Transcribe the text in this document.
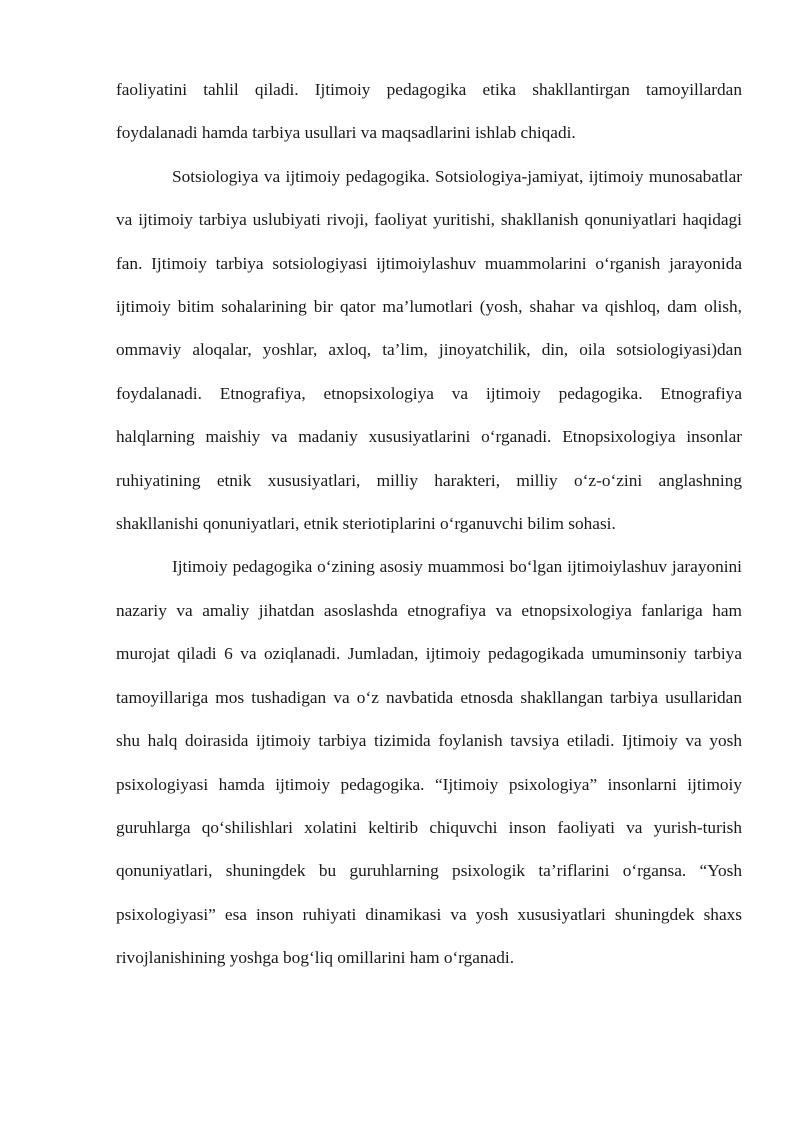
faoliyatini tahlil qiladi. Ijtimoiy pedagogika etika shakllantirgan tamoyillardan foydalanadi hamda tarbiya usullari va maqsadlarini ishlab chiqadi.

Sotsiologiya va ijtimoiy pedagogika. Sotsiologiya-jamiyat, ijtimoiy munosabatlar va ijtimoiy tarbiya uslubiyati rivoji, faoliyat yuritishi, shakllanish qonuniyatlari haqidagi fan. Ijtimoiy tarbiya sotsiologiyasi ijtimoiylashuv muammolarini o‘rganish jarayonida ijtimoiy bitim sohalarining bir qator ma’lumotlari (yosh, shahar va qishloq, dam olish, ommaviy aloqalar, yoshlar, axloq, ta’lim, jinoyatchilik, din, oila sotsiologiyasi)dan foydalanadi. Etnografiya, etnopsixologiya va ijtimoiy pedagogika. Etnografiya halqlarning maishiy va madaniy xususiyatlarini o‘rganadi. Etnopsixologiya insonlar ruhiyatining etnik xususiyatlari, milliy harakteri, milliy o‘z-o‘zini anglashning shakllanishi qonuniyatlari, etnik steriotiplarini o‘rganuvchi bilim sohasi.

Ijtimoiy pedagogika o‘zining asosiy muammosi bo‘lgan ijtimoiylashuv jarayonini nazariy va amaliy jihatdan asoslashda etnografiya va etnopsixologiya fanlariga ham murojat qiladi 6 va oziqlanadi. Jumladan, ijtimoiy pedagogikada umuminsoniy tarbiya tamoyillariga mos tushadigan va o‘z navbatida etnosda shakllangan tarbiya usullaridan shu halq doirasida ijtimoiy tarbiya tizimida foylanish tavsiya etiladi. Ijtimoiy va yosh psixologiyasi hamda ijtimoiy pedagogika. “Ijtimoiy psixologiya” insonlarni ijtimoiy guruhlarga qo‘shilishlari xolatini keltirib chiquvchi inson faoliyati va yurish-turish qonuniyatlari, shuningdek bu guruhlarning psixologik ta’riflarini o‘rgansa. “Yosh psixologiyasi” esa inson ruhiyati dinamikasi va yosh xususiyatlari shuningdek shaxs rivojlanishining yoshga bog‘liq omillarini ham o‘rganadi.
